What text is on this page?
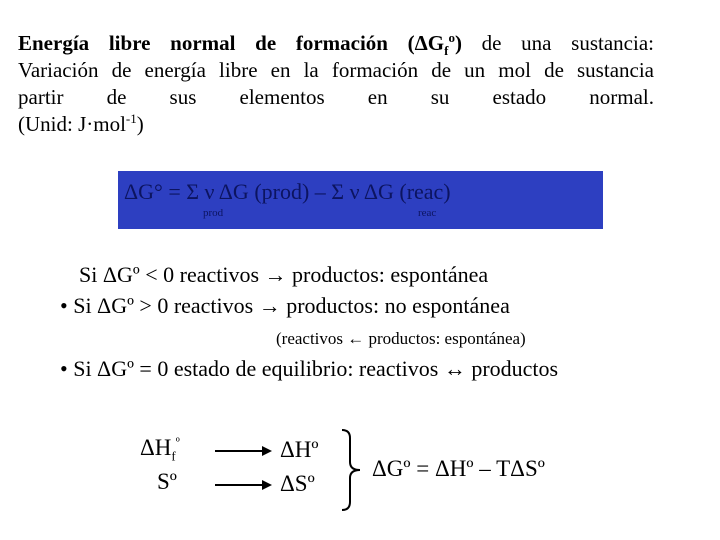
Energía libre normal de formación $(\Delta G_f^o)$ de una sustancia:
Variación de energía libre en la formación de un mol de sustancia
partir de sus elementos en su estado normal.
(Unid: J·mol$^{-1}$)
ΔG° = Σ ν ΔG (prod) – Σ ν ΔG (reac)
prod	reac
Si ΔGº < 0 reactivos → productos: espontánea
• Si ΔGº > 0 reactivos → productos: no espontánea
(reactivos ← productos: espontánea)
• Si ΔGº = 0 estado de equilibrio: reactivos ↔ productos
$\Delta H_f^º$
Sº
ΔHº
ΔSº
ΔGº = ΔHº – TΔSº
